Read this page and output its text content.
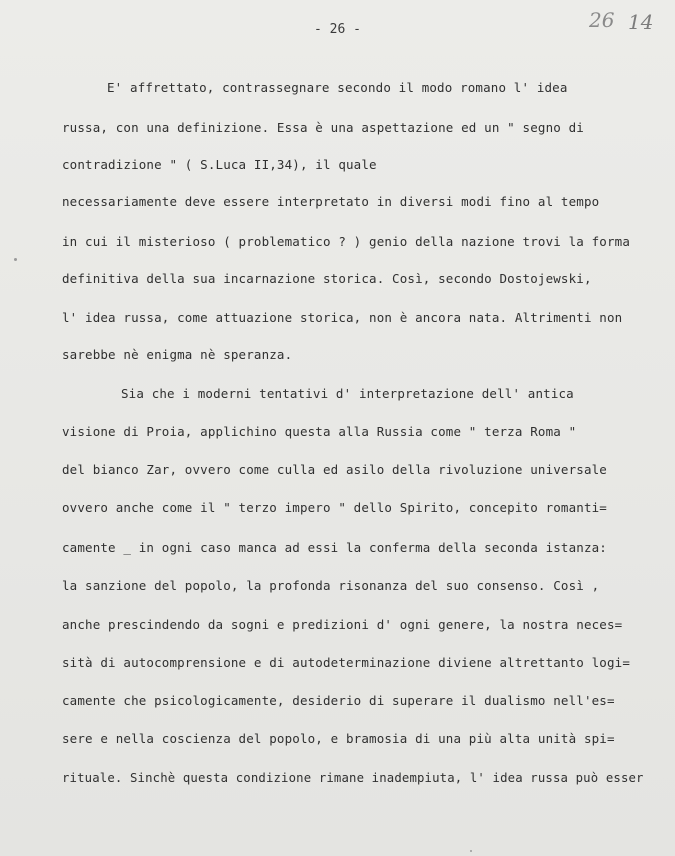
- 26 -	26 14
E' affrettato, contrassegnare secondo il modo romano l' idea
russa, con una definizione. Essa è una aspettazione ed un " segno di
contradizione " ( S.Luca II,34), il quale
necessariamente deve essere interpretato in diversi modi fino al tempo
in cui il misterioso ( problematico ? ) genio della nazione trovi la forma
definitiva della sua incarnazione storica. Così, secondo Dostojewski,
l' idea russa, come attuazione storica, non è ancora nata. Altrimenti non
sarebbe nè enigma nè speranza.
Sia che i moderni tentativi d' interpretazione dell' antica
visione di Proia, applichino questa alla Russia come " terza Roma "
del bianco Zar, ovvero come culla ed asilo della rivoluzione universale
ovvero anche come il " terzo impero " dello Spirito, concepito romanti=
camente _ in ogni caso manca ad essi la conferma della seconda istanza:
la sanzione del popolo, la profonda risonanza del suo consenso. Così ,
anche prescindendo da sogni e predizioni d' ogni genere, la nostra neces=
sità di autocomprensione e di autodeterminazione diviene altrettanto logi=
camente che psicologicamente, desiderio di superare il dualismo nell'es=
sere e nella coscienza del popolo, e bramosia di una più alta unità spi=
rituale. Sinchè questa condizione rimane inadempiuta, l' idea russa può esser
